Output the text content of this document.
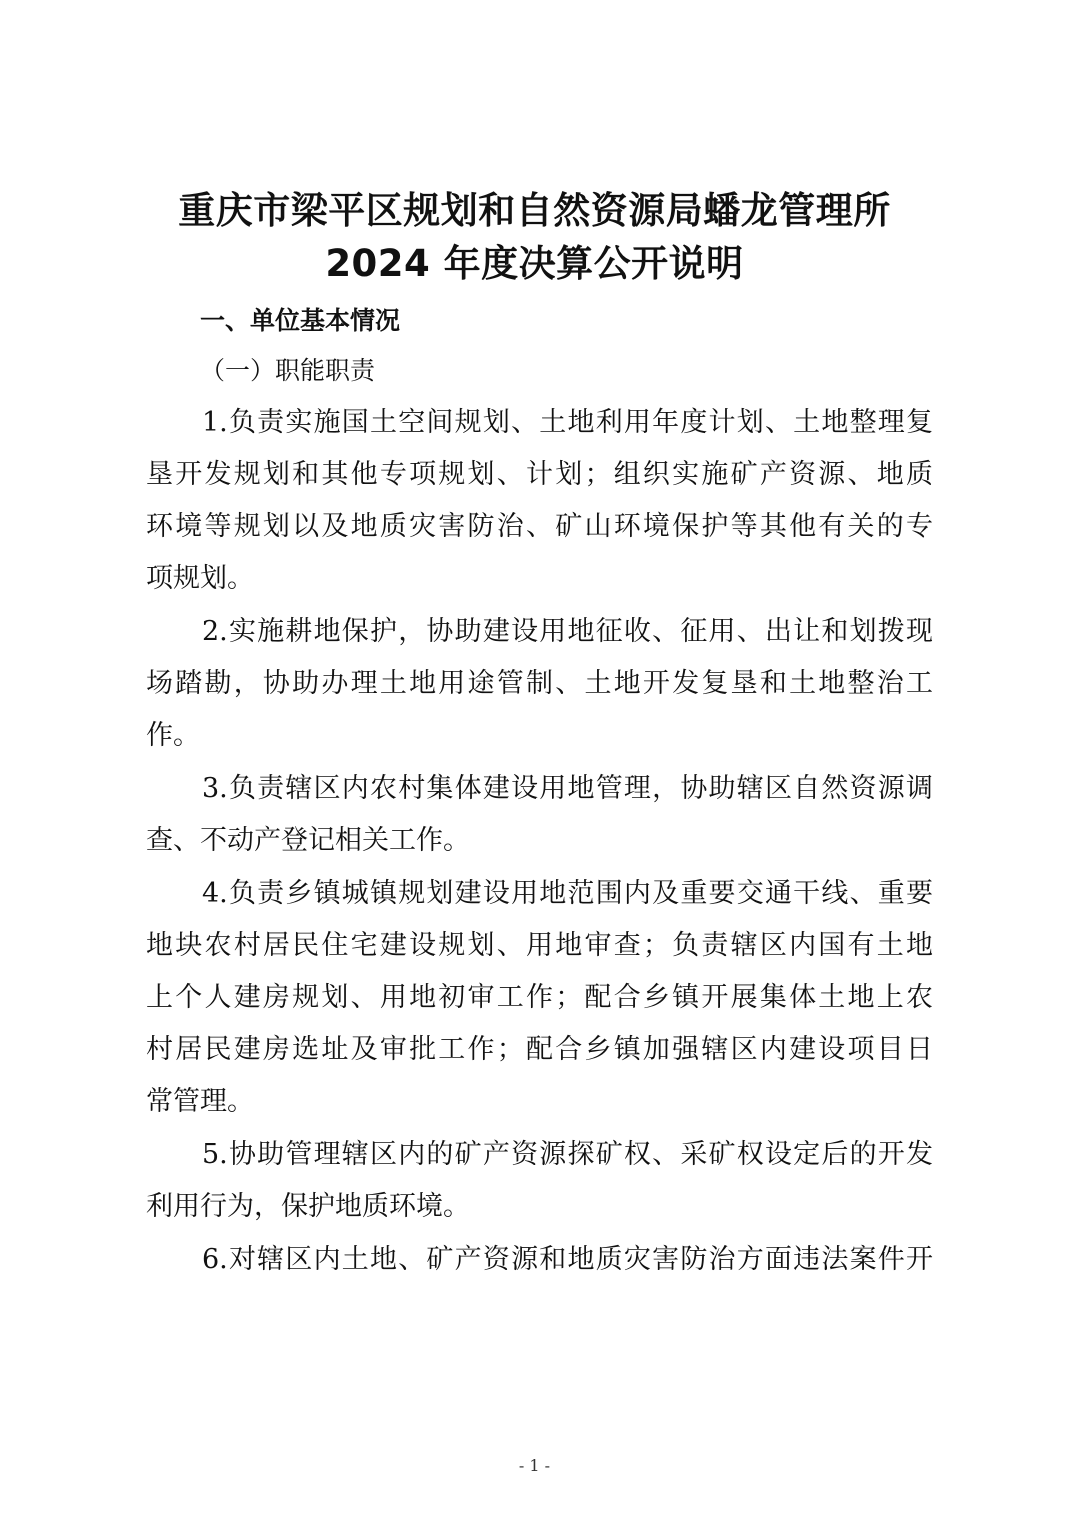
重庆市梁平区规划和自然资源局蟠龙管理所
2024 年度决算公开说明
一、单位基本情况
（一）职能职责
1.负责实施国土空间规划、土地利用年度计划、土地整理复
垦开发规划和其他专项规划、计划；组织实施矿产资源、地质
环境等规划以及地质灾害防治、矿山环境保护等其他有关的专
项规划。
2.实施耕地保护，协助建设用地征收、征用、出让和划拨现
场踏勘，协助办理土地用途管制、土地开发复垦和土地整治工
作。
3.负责辖区内农村集体建设用地管理，协助辖区自然资源调
查、不动产登记相关工作。
4.负责乡镇城镇规划建设用地范围内及重要交通干线、重要
地块农村居民住宅建设规划、用地审查；负责辖区内国有土地
上个人建房规划、用地初审工作；配合乡镇开展集体土地上农
村居民建房选址及审批工作；配合乡镇加强辖区内建设项目日
常管理。
5.协助管理辖区内的矿产资源探矿权、采矿权设定后的开发
利用行为，保护地质环境。
6.对辖区内土地、矿产资源和地质灾害防治方面违法案件开
- 1 -
